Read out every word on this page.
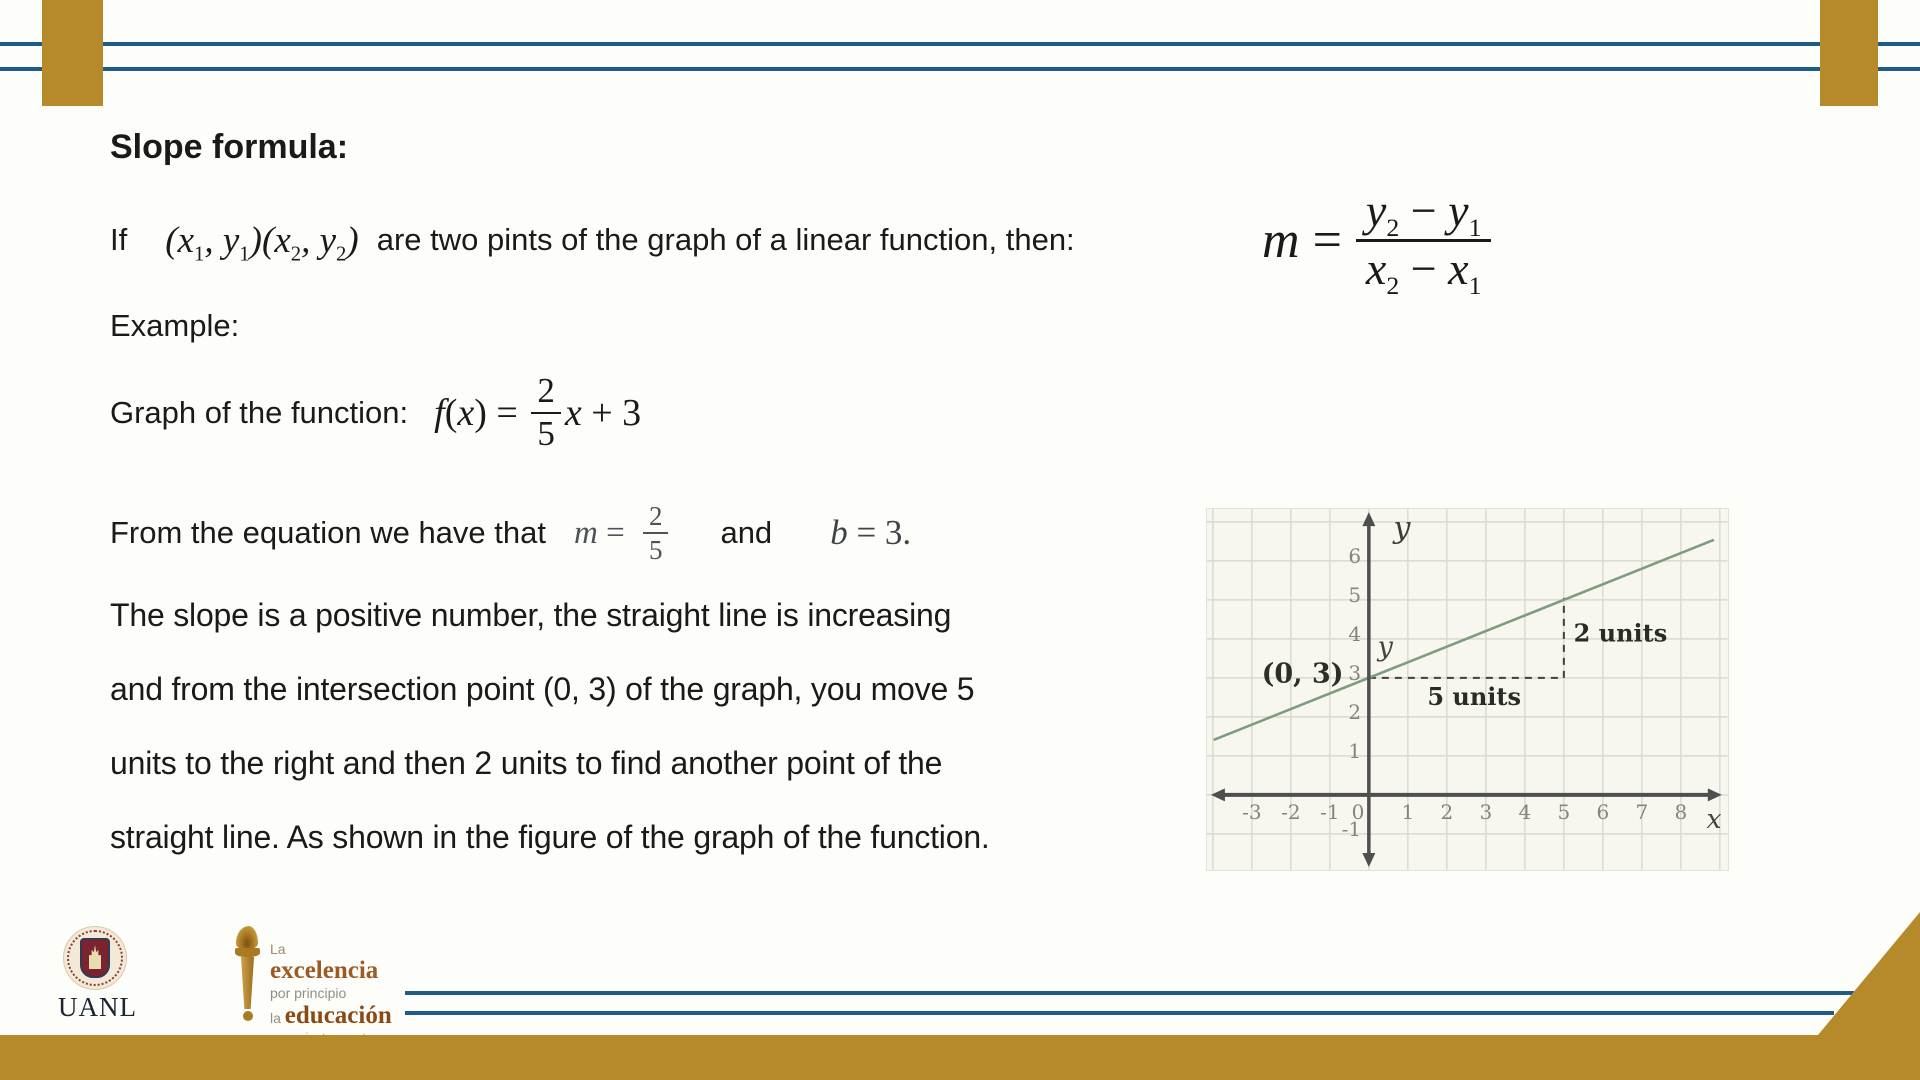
Slope formula:
If ($x_1$, $y_1)(x_2$, $y_2$) are two pints of the graph of a linear function, then:	$m = \frac{y_2 - y_1}{x_2 - x_1}$
Example:
Graph of the function: $f(x) = \frac{2}{5}$ x + 3
From the equation we have that $m = \frac{2}{5}$ and b = 3.
The slope is a positive number, the straight line is increasing
and from the intersection point (0, 3) of the graph, you move 5
units to the right and then 2 units to find another point of the
straight line. As shown in the figure of the graph of the function.
-3 -2 -1 0 1 2 3 4 5 6 7 8
6
5
4
3
2
1
-1
y
y
x
(0, 3)
5 units
2 units
UANL
La
excelencia
por principio
la educación
